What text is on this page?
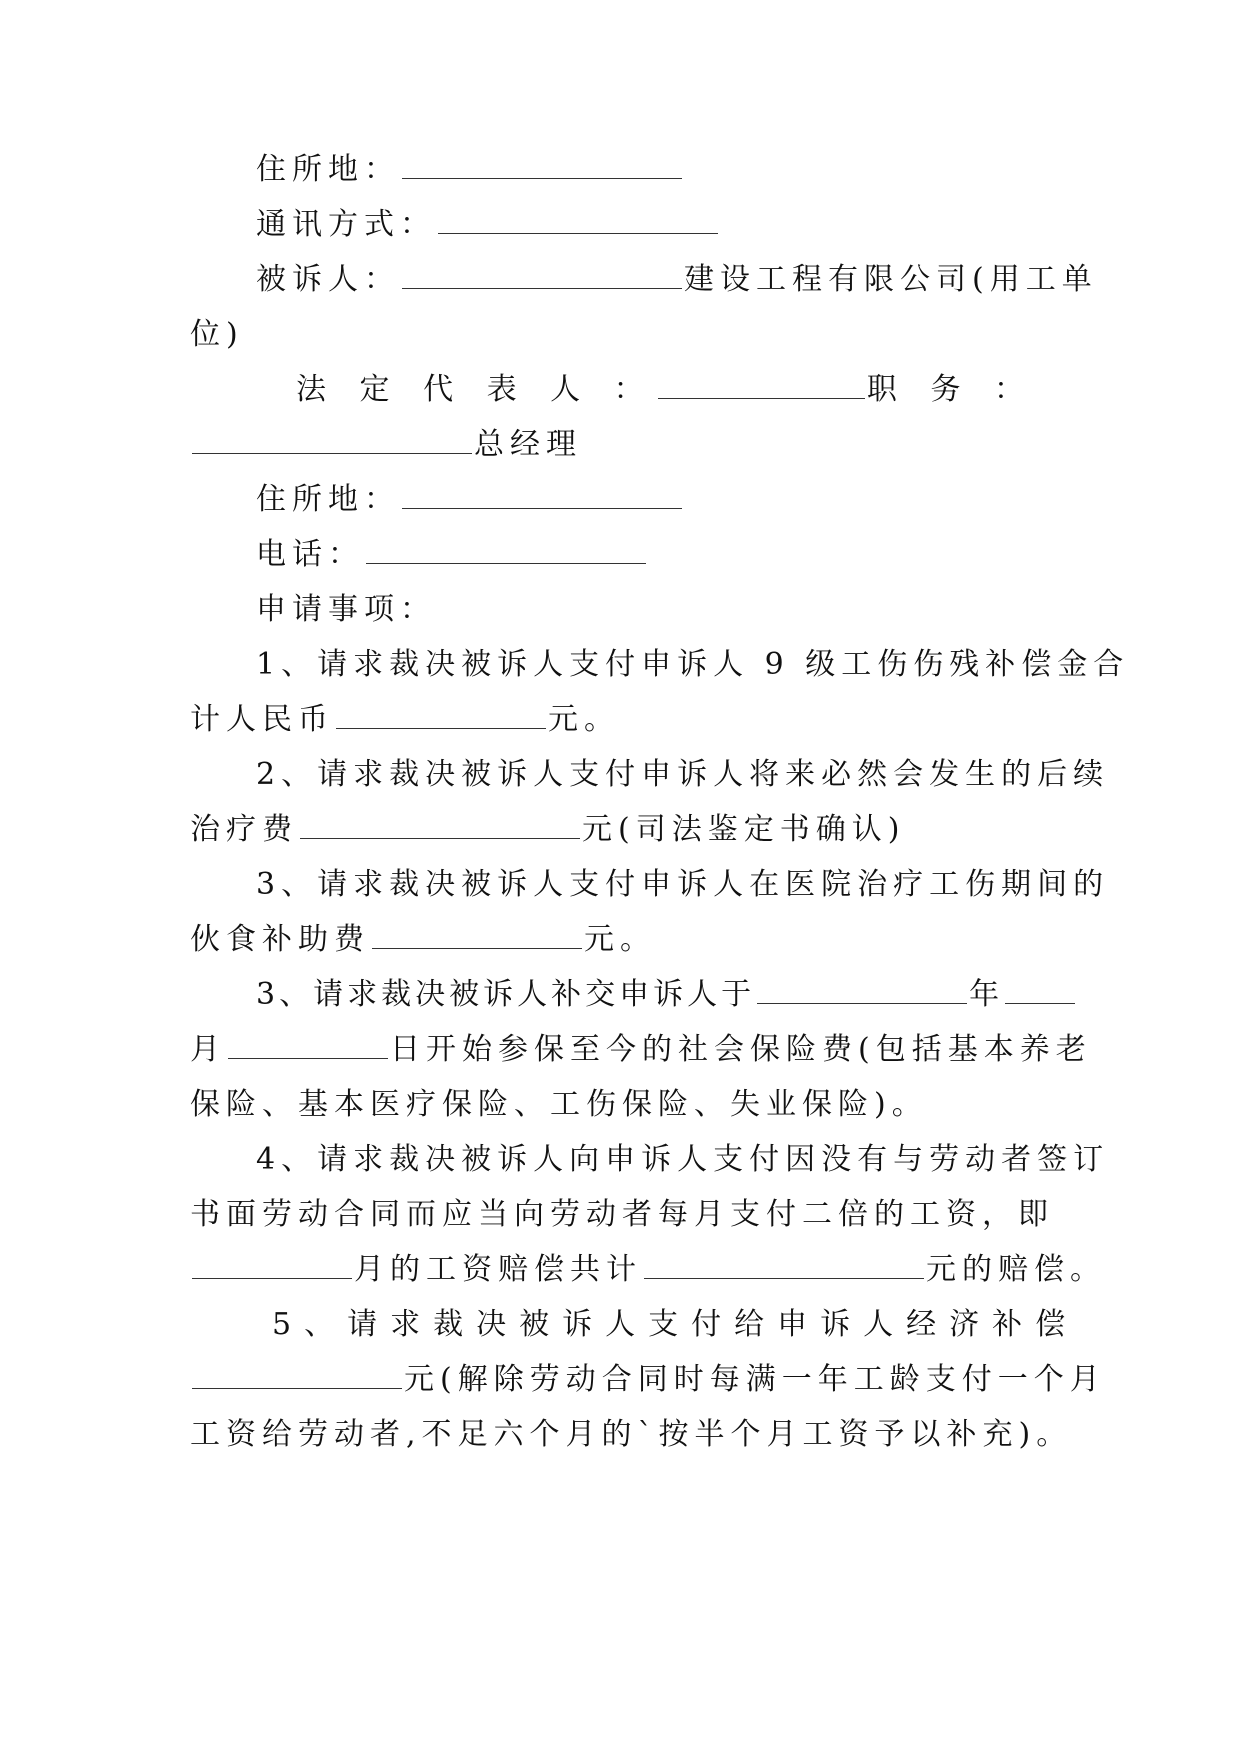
住所地：
通讯方式：
被诉人：	建设工程有限公司(用工单
位)
法 定 代 表 人 ：	职 务 ：
总经理
住所地：
电话：
申请事项：
1、请求裁决被诉人支付申诉人 9 级工伤伤残补偿金合
计人民币	元。
2、请求裁决被诉人支付申诉人将来必然会发生的后续
治疗费	元(司法鉴定书确认)
3、请求裁决被诉人支付申诉人在医院治疗工伤期间的
伙食补助费	元。
3、请求裁决被诉人补交申诉人于	年
月	日开始参保至今的社会保险费(包括基本养老
保险、基本医疗保险、工伤保险、失业保险)。
4、请求裁决被诉人向申诉人支付因没有与劳动者签订
书面劳动合同而应当向劳动者每月支付二倍的工资，即
月的工资赔偿共计	元的赔偿。
5、请求裁决被诉人支付给申诉人经济补偿
元(解除劳动合同时每满一年工龄支付一个月
工资给劳动者,不足六个月的`按半个月工资予以补充)。
